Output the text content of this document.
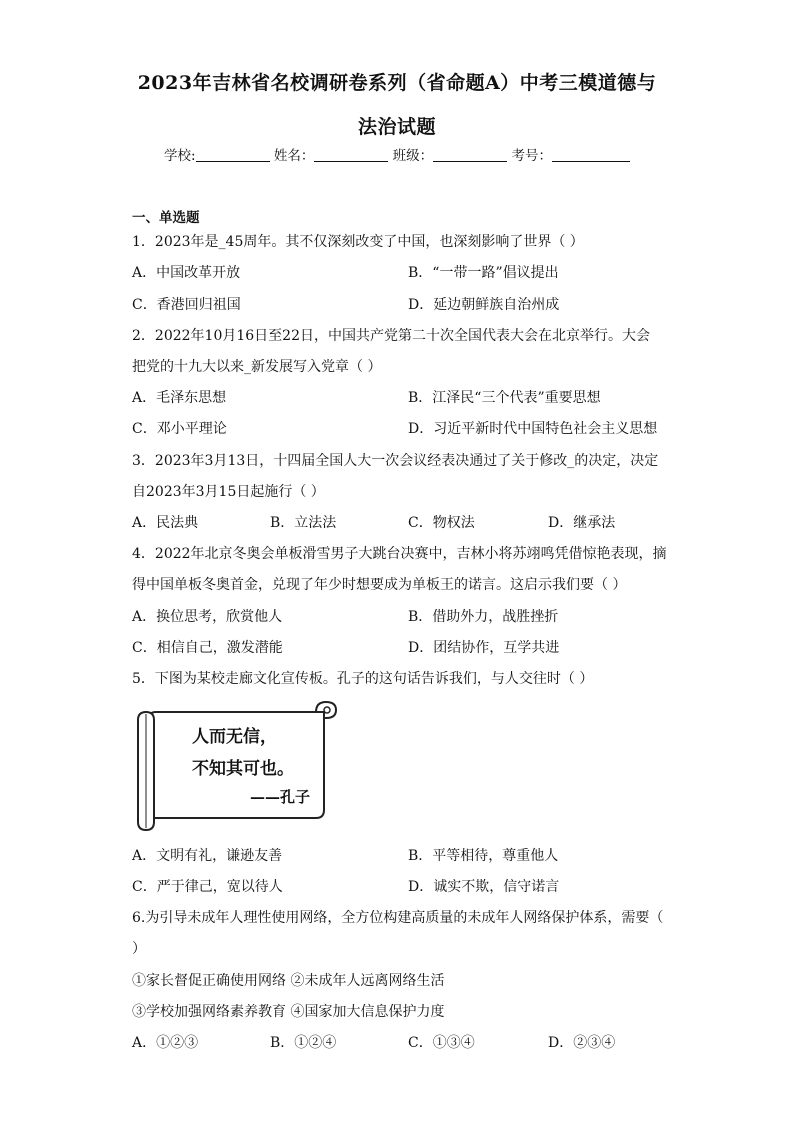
2023年吉林省名校调研卷系列（省命题A）中考三模道德与
法治试题
学校:	姓名：	班级：	考号：
一、单选题
1．2023年是_45周年。其不仅深刻改变了中国，也深刻影响了世界（ ）
A．中国改革开放	B．“一带一路”倡议提出
C．香港回归祖国	D．延边朝鲜族自治州成
2．2022年10月16日至22日，中国共产党第二十次全国代表大会在北京举行。大会
把党的十九大以来_新发展写入党章（ ）
A．毛泽东思想	B．江泽民“三个代表”重要思想
C．邓小平理论	D．习近平新时代中国特色社会主义思想
3．2023年3月13日，十四届全国人大一次会议经表决通过了关于修改_的决定，决定
自2023年3月15日起施行（ ）
A．民法典	B．立法法	C．物权法	D．继承法
4．2022年北京冬奥会单板滑雪男子大跳台决赛中，吉林小将苏翊鸣凭借惊艳表现，摘
得中国单板冬奥首金，兑现了年少时想要成为单板王的诺言。这启示我们要（ ）
A．换位思考，欣赏他人	B．借助外力，战胜挫折
C．相信自己，激发潜能	D．团结协作，互学共进
5．下图为某校走廊文化宣传板。孔子的这句话告诉我们，与人交往时（ ）
人而无信，
不知其可也。
——孔子
A．文明有礼，谦逊友善	B．平等相待，尊重他人
C．严于律己，宽以待人	D．诚实不欺，信守诺言
6.为引导未成年人理性使用网络，全方位构建高质量的未成年人网络保护体系，需要（
）
①家长督促正确使用网络 ②未成年人远离网络生活
③学校加强网络素养教育 ④国家加大信息保护力度
A．①②③	B．①②④	C．①③④	D．②③④
